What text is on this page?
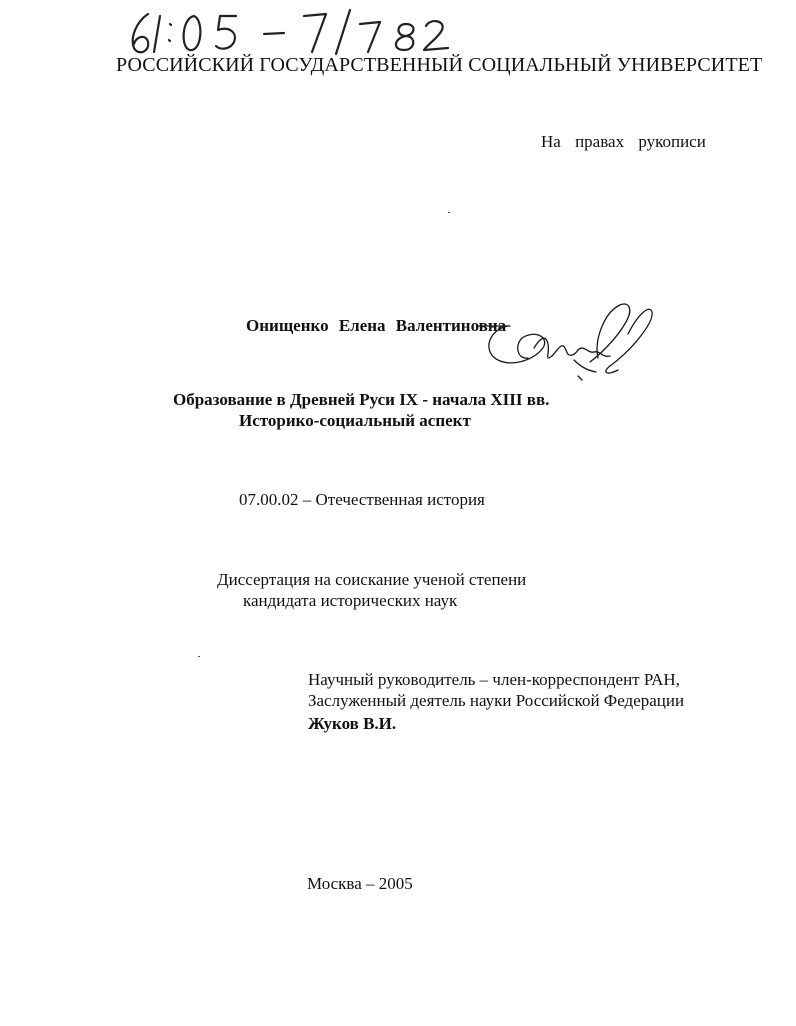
РОССИЙСКИЙ ГОСУДАРСТВЕННЫЙ СОЦИАЛЬНЫЙ УНИВЕРСИТЕТ

На правах рукописи

Онищенко Елена Валентиновна

Образование в Древней Руси IX - начала XIII вв.

Историко-социальный аспект

07.00.02 – Отечественная история

Диссертация на соискание ученой степени

кандидата исторических наук

Научный руководитель – член-корреспондент РАН,

Заслуженный деятель науки Российской Федерации

Жуков В.И.

Москва – 2005
